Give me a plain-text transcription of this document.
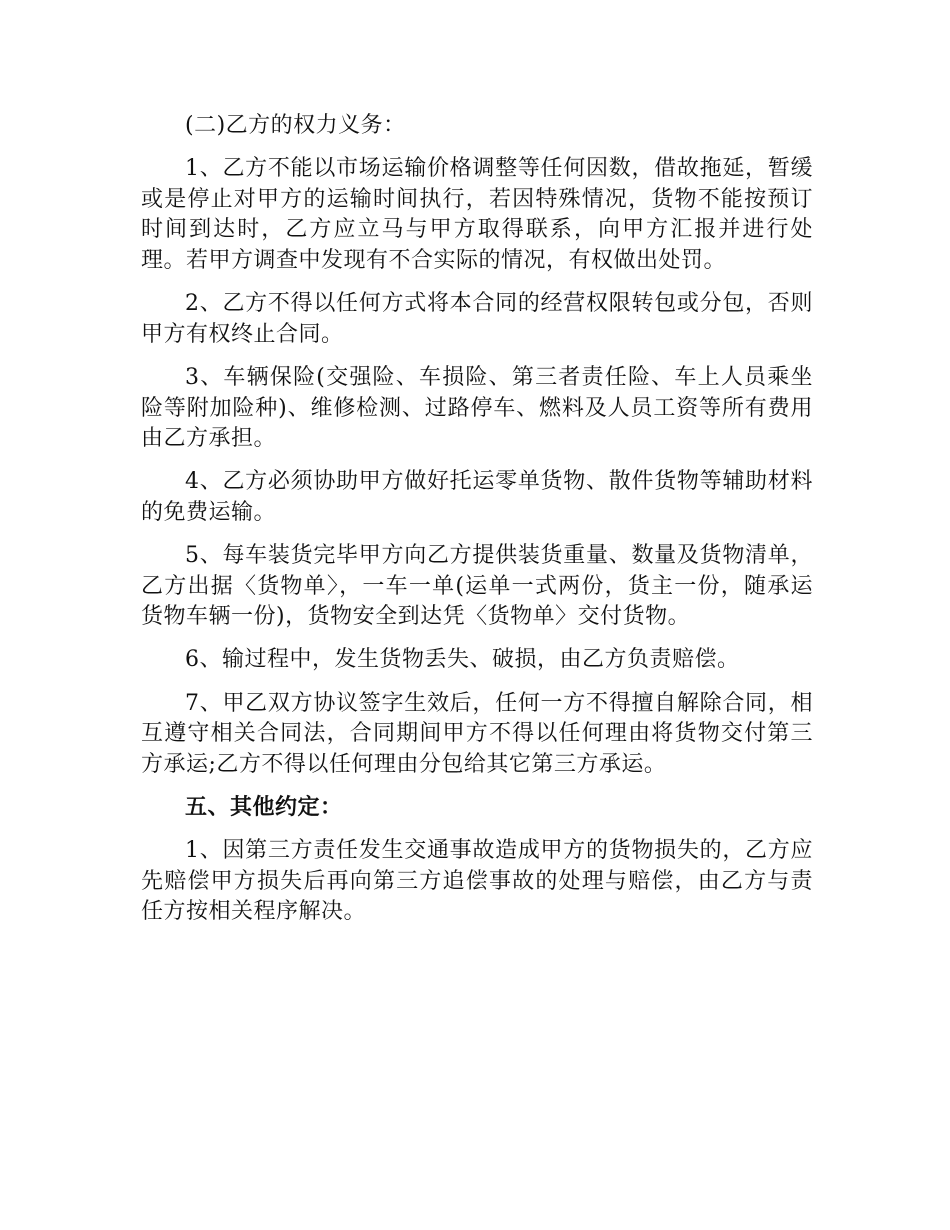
(二)乙方的权力义务：

1、乙方不能以市场运输价格调整等任何因数，借故拖延，暂缓或是停止对甲方的运输时间执行，若因特殊情况，货物不能按预订时间到达时，乙方应立马与甲方取得联系，向甲方汇报并进行处理。若甲方调查中发现有不合实际的情况，有权做出处罚。

2、乙方不得以任何方式将本合同的经营权限转包或分包，否则甲方有权终止合同。

3、车辆保险(交强险、车损险、第三者责任险、车上人员乘坐险等附加险种)、维修检测、过路停车、燃料及人员工资等所有费用由乙方承担。

4、乙方必须协助甲方做好托运零单货物、散件货物等辅助材料的免费运输。

5、每车装货完毕甲方向乙方提供装货重量、数量及货物清单，乙方出据〈货物单〉，一车一单(运单一式两份，货主一份，随承运货物车辆一份)，货物安全到达凭〈货物单〉交付货物。

6、输过程中，发生货物丢失、破损，由乙方负责赔偿。

7、甲乙双方协议签字生效后，任何一方不得擅自解除合同，相互遵守相关合同法，合同期间甲方不得以任何理由将货物交付第三方承运;乙方不得以任何理由分包给其它第三方承运。

五、其他约定：

1、因第三方责任发生交通事故造成甲方的货物损失的，乙方应先赔偿甲方损失后再向第三方追偿事故的处理与赔偿，由乙方与责任方按相关程序解决。
